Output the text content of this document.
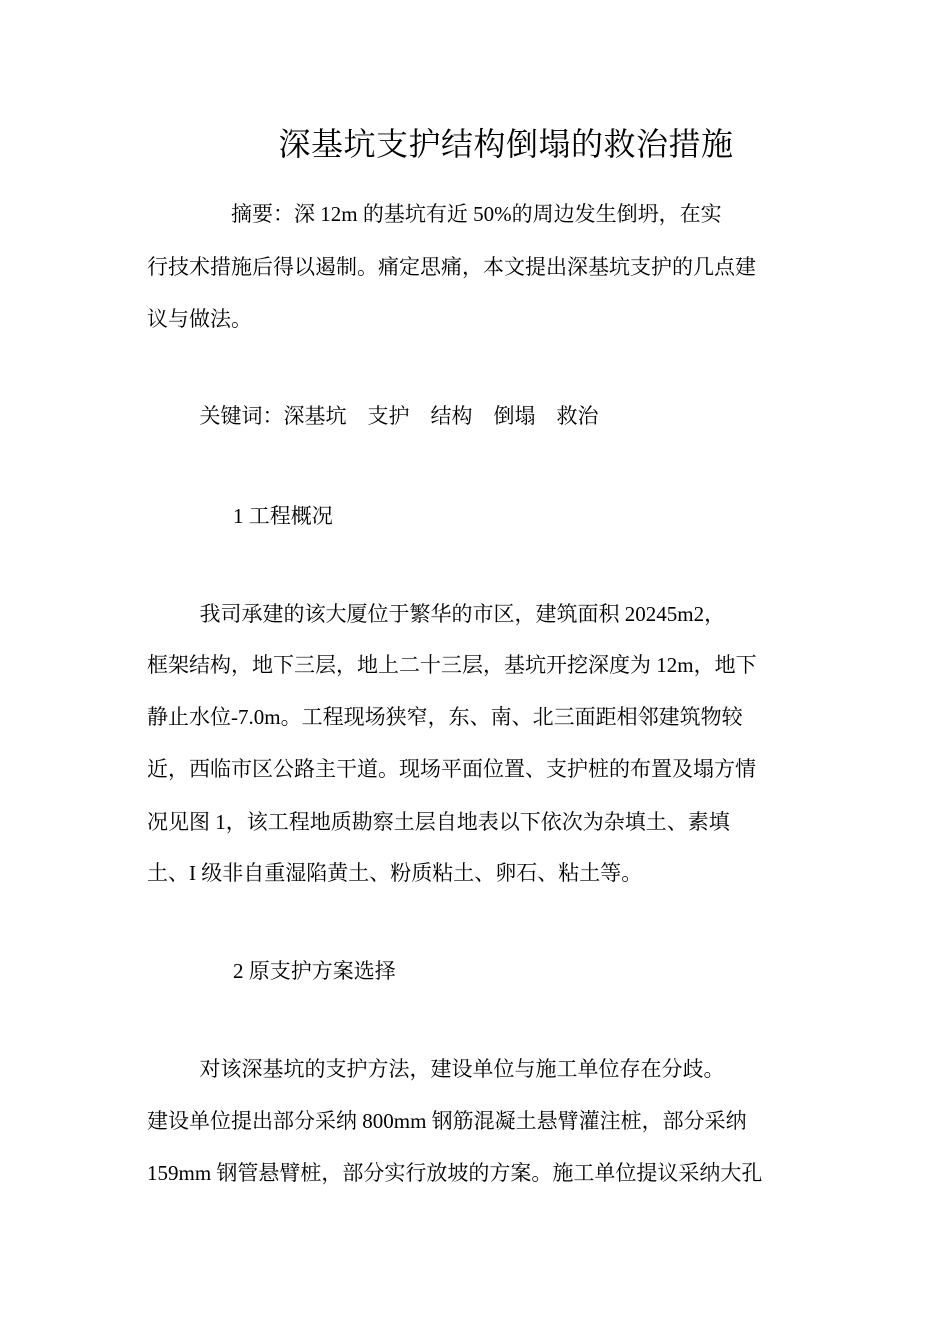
深基坑支护结构倒塌的救治措施
摘要：深 12m 的基坑有近 50%的周边发生倒坍，在实
行技术措施后得以遏制。痛定思痛，本文提出深基坑支护的几点建
议与做法。
关键词：深基坑    支护    结构    倒塌    救治
1 工程概况
我司承建的该大厦位于繁华的市区，建筑面积 20245m2，
框架结构，地下三层，地上二十三层，基坑开挖深度为 12m，地下
静止水位-7.0m。工程现场狭窄，东、南、北三面距相邻建筑物较
近，西临市区公路主干道。现场平面位置、支护桩的布置及塌方情
况见图 1，该工程地质勘察土层自地表以下依次为杂填土、素填
土、I 级非自重湿陷黄土、粉质粘土、卵石、粘土等。
2 原支护方案选择
对该深基坑的支护方法，建设单位与施工单位存在分歧。
建设单位提出部分采纳 800mm 钢筋混凝土悬臂灌注桩，部分采纳
159mm 钢管悬臂桩，部分实行放坡的方案。施工单位提议采纳大孔
